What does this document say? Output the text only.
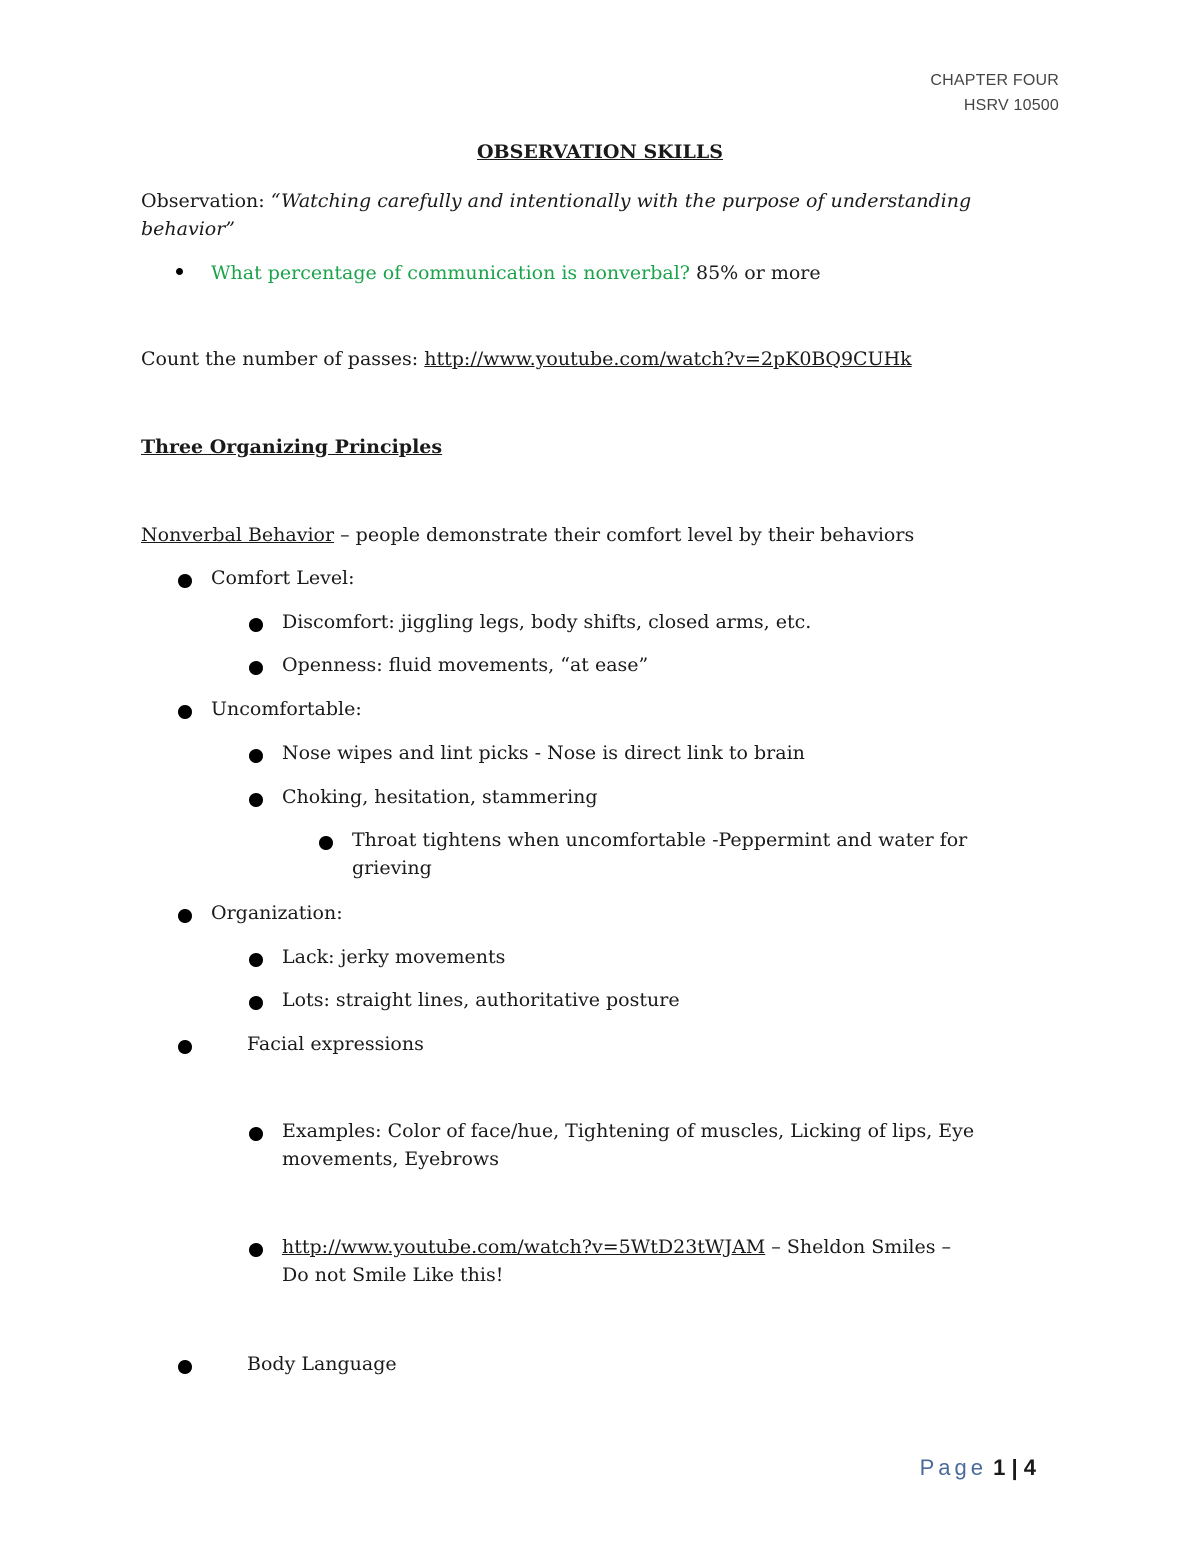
CHAPTER FOUR
HSRV 10500
OBSERVATION SKILLS
Observation: “Watching carefully and intentionally with the purpose of understanding
behavior”
What percentage of communication is nonverbal? 85% or more
Count the number of passes: http://www.youtube.com/watch?v=2pK0BQ9CUHk
Three Organizing Principles
Nonverbal Behavior – people demonstrate their comfort level by their behaviors
Comfort Level:
Discomfort: jiggling legs, body shifts, closed arms, etc.
Openness: fluid movements, “at ease”
Uncomfortable:
Nose wipes and lint picks - Nose is direct link to brain
Choking, hesitation, stammering
Throat tightens when uncomfortable -Peppermint and water for
grieving
Organization:
Lack: jerky movements
Lots: straight lines, authoritative posture
Facial expressions
Examples: Color of face/hue, Tightening of muscles, Licking of lips, Eye
movements, Eyebrows
http://www.youtube.com/watch?v=5WtD23tWJAM – Sheldon Smiles –
Do not Smile Like this!
Body Language
Page 1 | 4
